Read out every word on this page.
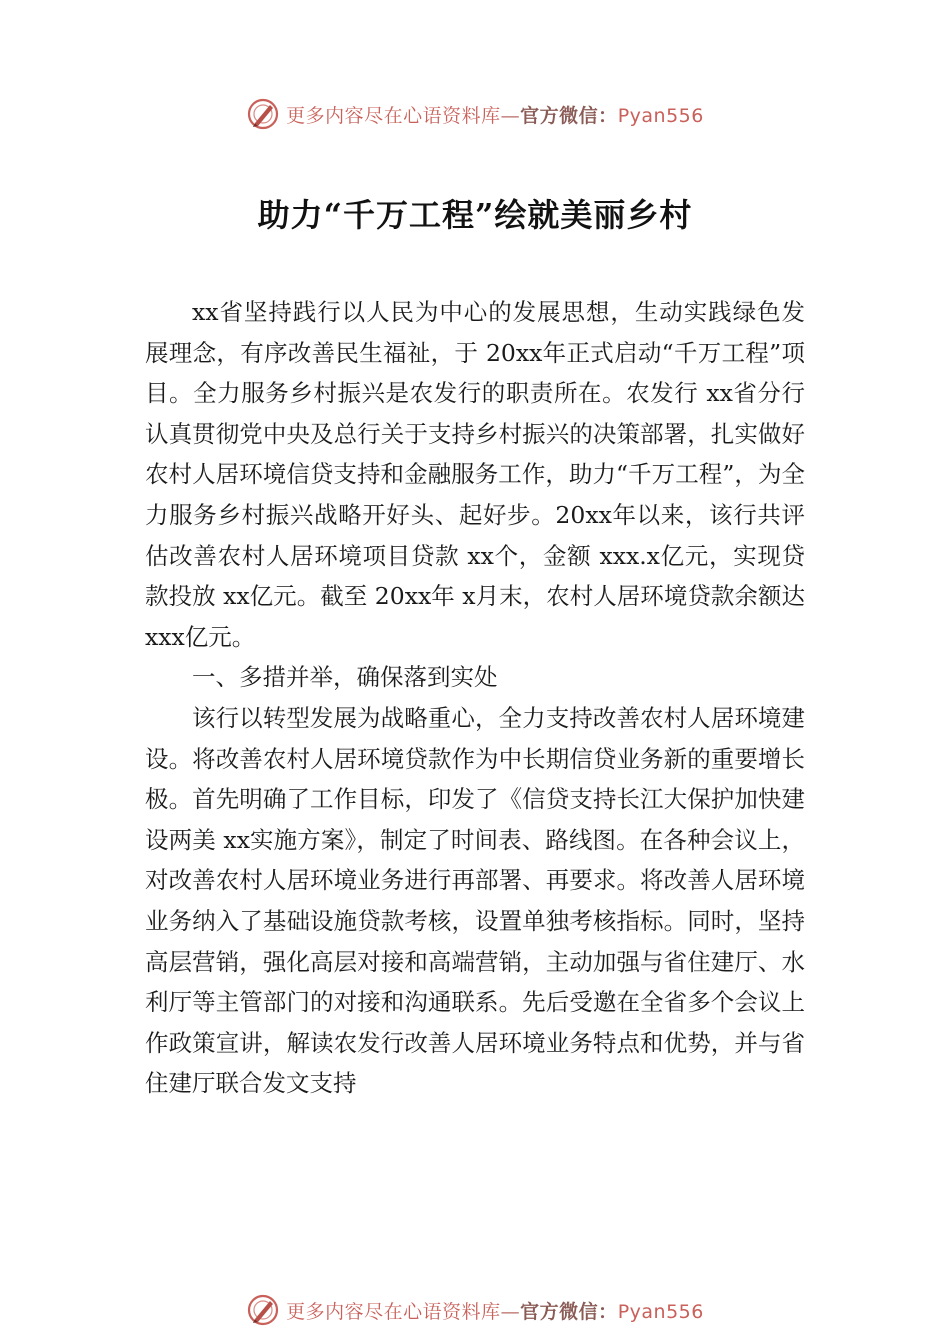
更多内容尽在心语资料库—官方微信：Pyan556
助力“千万工程”绘就美丽乡村

xx省坚持践行以人民为中心的发展思想，生动实践绿色发展理念，有序改善民生福祉，于 20xx年正式启动“千万工程”项目。全力服务乡村振兴是农发行的职责所在。农发行 xx省分行认真贯彻党中央及总行关于支持乡村振兴的决策部署，扎实做好农村人居环境信贷支持和金融服务工作，助力“千万工程”，为全力服务乡村振兴战略开好头、起好步。20xx年以来，该行共评估改善农村人居环境项目贷款 xx个，金额 xxx.x亿元，实现贷款投放 xx亿元。截至 20xx年 x月末，农村人居环境贷款余额达 xxx亿元。

一、多措并举，确保落到实处

该行以转型发展为战略重心，全力支持改善农村人居环境建设。将改善农村人居环境贷款作为中长期信贷业务新的重要增长极。首先明确了工作目标，印发了《信贷支持长江大保护加快建设两美 xx实施方案》，制定了时间表、路线图。在各种会议上，对改善农村人居环境业务进行再部署、再要求。将改善人居环境业务纳入了基础设施贷款考核，设置单独考核指标。同时，坚持高层营销，强化高层对接和高端营销，主动加强与省住建厅、水利厅等主管部门的对接和沟通联系。先后受邀在全省多个会议上作政策宣讲，解读农发行改善人居环境业务特点和优势，并与省住建厅联合发文支持

更多内容尽在心语资料库—官方微信：Pyan556
